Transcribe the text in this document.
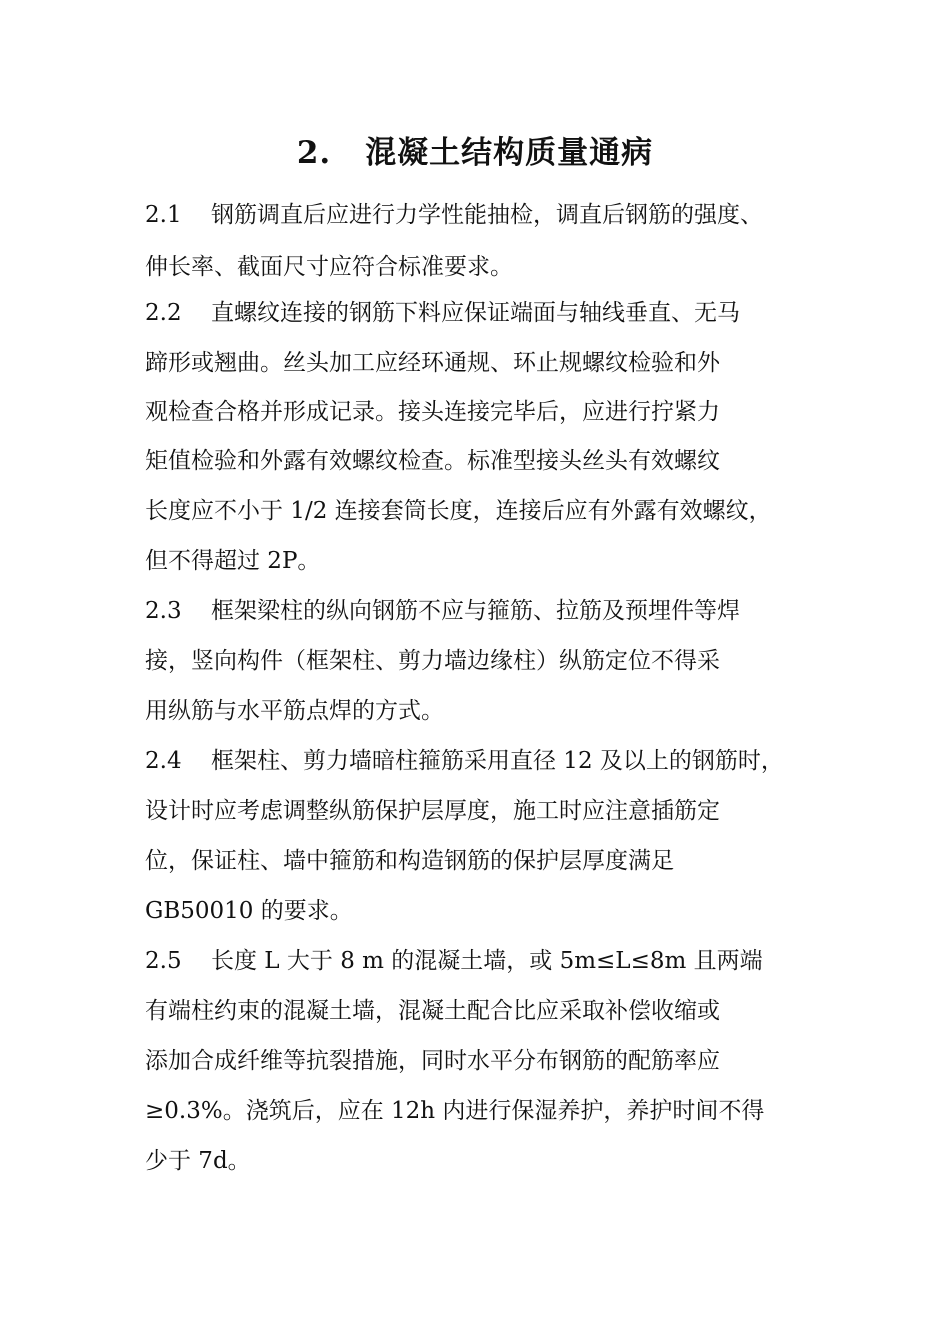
2. 混凝土结构质量通病
2.1 钢筋调直后应进行力学性能抽检，调直后钢筋的强度、
伸长率、截面尺寸应符合标准要求。
2.2 直螺纹连接的钢筋下料应保证端面与轴线垂直、无马
蹄形或翘曲。丝头加工应经环通规、环止规螺纹检验和外
观检查合格并形成记录。接头连接完毕后，应进行拧紧力
矩值检验和外露有效螺纹检查。标准型接头丝头有效螺纹
长度应不小于 1/2 连接套筒长度，连接后应有外露有效螺纹，
但不得超过 2P。
2.3 框架梁柱的纵向钢筋不应与箍筋、拉筋及预埋件等焊
接，竖向构件（框架柱、剪力墙边缘柱）纵筋定位不得采
用纵筋与水平筋点焊的方式。
2.4 框架柱、剪力墙暗柱箍筋采用直径 12 及以上的钢筋时，
设计时应考虑调整纵筋保护层厚度，施工时应注意插筋定
位，保证柱、墙中箍筋和构造钢筋的保护层厚度满足
GB50010 的要求。
2.5 长度 L 大于 8 m 的混凝土墙，或 5m≤L≤8m 且两端
有端柱约束的混凝土墙，混凝土配合比应采取补偿收缩或
添加合成纤维等抗裂措施，同时水平分布钢筋的配筋率应
≥0.3%。浇筑后，应在 12h 内进行保湿养护，养护时间不得
少于 7d。
